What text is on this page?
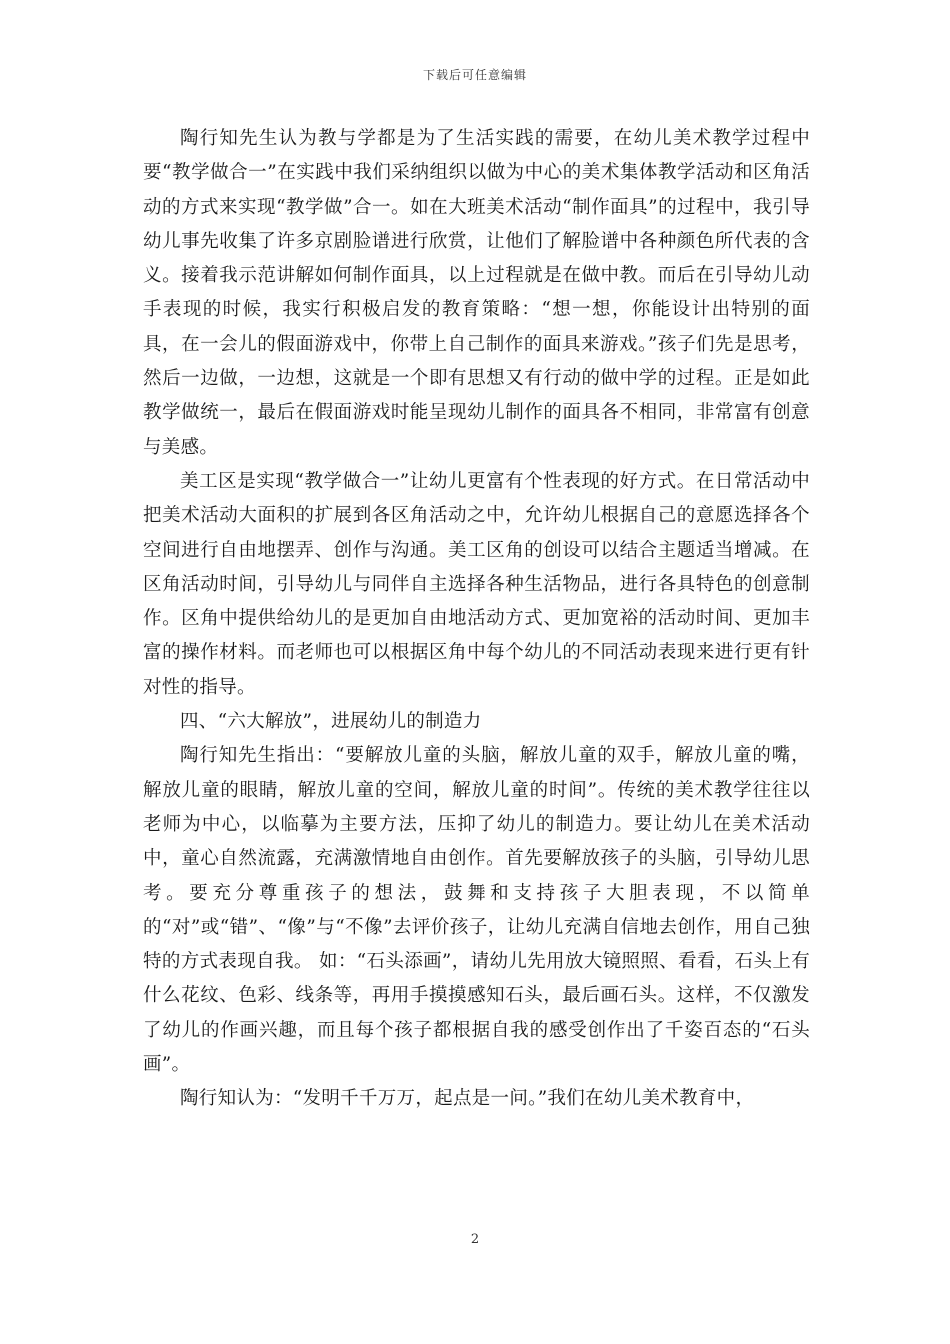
下载后可任意编辑

陶行知先生认为教与学都是为了生活实践的需要，在幼儿美术教学过程中要“教学做合一”在实践中我们采纳组织以做为中心的美术集体教学活动和区角活动的方式来实现“教学做”合一。如在大班美术活动“制作面具”的过程中，我引导幼儿事先收集了许多京剧脸谱进行欣赏，让他们了解脸谱中各种颜色所代表的含义。接着我示范讲解如何制作面具，以上过程就是在做中教。而后在引导幼儿动手表现的时候，我实行积极启发的教育策略：“想一想，你能设计出特别的面具，在一会儿的假面游戏中，你带上自己制作的面具来游戏。”孩子们先是思考，然后一边做，一边想，这就是一个即有思想又有行动的做中学的过程。正是如此教学做统一，最后在假面游戏时能呈现幼儿制作的面具各不相同，非常富有创意与美感。

美工区是实现“教学做合一”让幼儿更富有个性表现的好方式。在日常活动中把美术活动大面积的扩展到各区角活动之中，允许幼儿根据自己的意愿选择各个空间进行自由地摆弄、创作与沟通。美工区角的创设可以结合主题适当增减。在区角活动时间，引导幼儿与同伴自主选择各种生活物品，进行各具特色的创意制作。区角中提供给幼儿的是更加自由地活动方式、更加宽裕的活动时间、更加丰富的操作材料。而老师也可以根据区角中每个幼儿的不同活动表现来进行更有针对性的指导。

四、“六大解放”，进展幼儿的制造力

陶行知先生指出：“要解放儿童的头脑，解放儿童的双手，解放儿童的嘴，解放儿童的眼睛，解放儿童的空间，解放儿童的时间”。传统的美术教学往往以老师为中心，以临摹为主要方法，压抑了幼儿的制造力。要让幼儿在美术活动中，童心自然流露，充满激情地自由创作。首先要解放孩子的头脑，引导幼儿思考。要充分尊重孩子的想法，鼓舞和支持孩子大胆表现，不以简单的“对”或“错”、“像”与“不像”去评价孩子，让幼儿充满自信地去创作，用自己独特的方式表现自我。 如：“石头添画”，请幼儿先用放大镜照照、看看，石头上有什么花纹、色彩、线条等，再用手摸摸感知石头，最后画石头。这样，不仅激发了幼儿的作画兴趣，而且每个孩子都根据自我的感受创作出了千姿百态的“石头画”。

陶行知认为：“发明千千万万，起点是一问。”我们在幼儿美术教育中，

2
